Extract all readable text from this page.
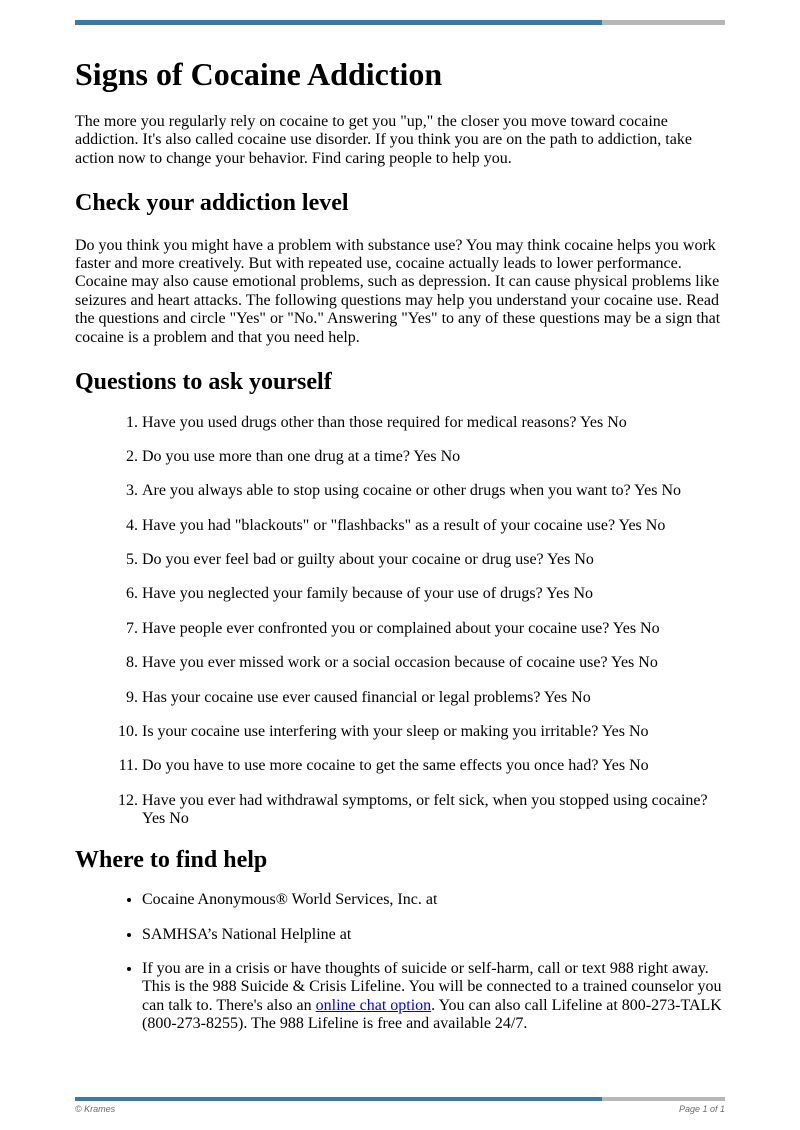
Signs of Cocaine Addiction

The more you regularly rely on cocaine to get you "up," the closer you move toward cocaine addiction. It's also called cocaine use disorder. If you think you are on the path to addiction, take action now to change your behavior. Find caring people to help you.

Check your addiction level

Do you think you might have a problem with substance use? You may think cocaine helps you work faster and more creatively. But with repeated use, cocaine actually leads to lower performance. Cocaine may also cause emotional problems, such as depression. It can cause physical problems like seizures and heart attacks. The following questions may help you understand your cocaine use. Read the questions and circle "Yes" or "No." Answering "Yes" to any of these questions may be a sign that cocaine is a problem and that you need help.

Questions to ask yourself
1. Have you used drugs other than those required for medical reasons? Yes No
2. Do you use more than one drug at a time? Yes No
3. Are you always able to stop using cocaine or other drugs when you want to? Yes No
4. Have you had "blackouts" or "flashbacks" as a result of your cocaine use? Yes No
5. Do you ever feel bad or guilty about your cocaine or drug use? Yes No
6. Have you neglected your family because of your use of drugs? Yes No
7. Have people ever confronted you or complained about your cocaine use? Yes No
8. Have you ever missed work or a social occasion because of cocaine use? Yes No
9. Has your cocaine use ever caused financial or legal problems? Yes No
10. Is your cocaine use interfering with your sleep or making you irritable? Yes No
11. Do you have to use more cocaine to get the same effects you once had? Yes No
12. Have you ever had withdrawal symptoms, or felt sick, when you stopped using cocaine? Yes No
Where to find help
• Cocaine Anonymous® World Services, Inc. at
• SAMHSA’s National Helpline at
• If you are in a crisis or have thoughts of suicide or self-harm, call or text 988 right away. This is the 988 Suicide & Crisis Lifeline. You will be connected to a trained counselor you can talk to. There's also an online chat option. You can also call Lifeline at 800-273-TALK (800-273-8255). The 988 Lifeline is free and available 24/7.
© Krames	Page 1 of 1
